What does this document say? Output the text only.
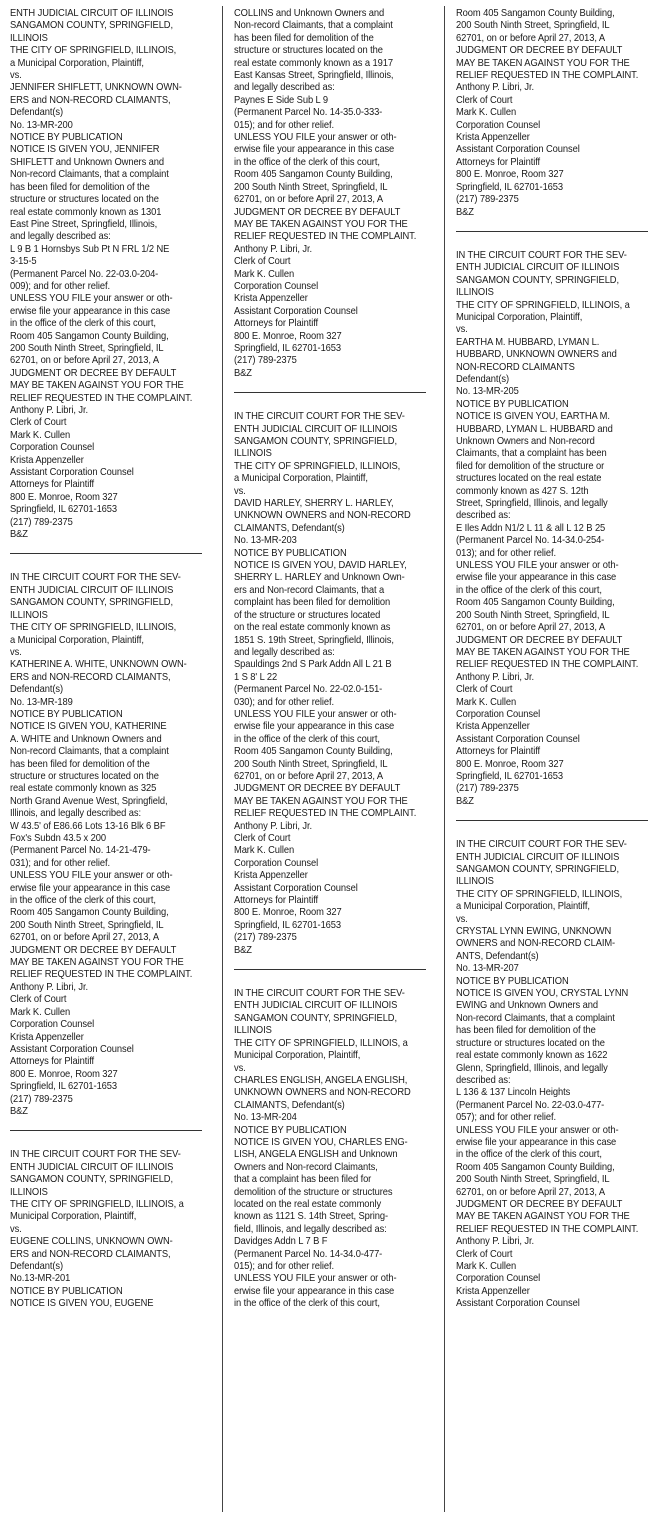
ENTH JUDICIAL CIRCUIT OF ILLINOIS
SANGAMON COUNTY, SPRINGFIELD,
ILLINOIS
THE CITY OF SPRINGFIELD, ILLINOIS,
a Municipal Corporation, Plaintiff,
vs.
JENNIFER SHIFLETT, UNKNOWN OWN-
ERS and NON-RECORD CLAIMANTS,
Defendant(s)
No. 13-MR-200
NOTICE BY PUBLICATION
NOTICE IS GIVEN YOU, JENNIFER
SHIFLETT and Unknown Owners and
Non-record Claimants, that a complaint
has been filed for demolition of the
structure or structures located on the
real estate commonly known as 1301
East Pine Street, Springfield, Illinois,
and legally described as:
L 9 B 1 Hornsbys Sub Pt N FRL 1/2 NE
3-15-5
(Permanent Parcel No. 22-03.0-204-
009); and for other relief.
UNLESS YOU FILE your answer or oth-
erwise file your appearance in this case
in the office of the clerk of this court,
Room 405 Sangamon County Building,
200 South Ninth Street, Springfield, IL
62701, on or before April 27, 2013, A
JUDGMENT OR DECREE BY DEFAULT
MAY BE TAKEN AGAINST YOU FOR THE
RELIEF REQUESTED IN THE COMPLAINT.
Anthony P. Libri, Jr.
Clerk of Court
Mark K. Cullen
Corporation Counsel
Krista Appenzeller
Assistant Corporation Counsel
Attorneys for Plaintiff
800 E. Monroe, Room 327
Springfield, IL 62701-1653
(217) 789-2375
B&Z
IN THE CIRCUIT COURT FOR THE SEV-
ENTH JUDICIAL CIRCUIT OF ILLINOIS
SANGAMON COUNTY, SPRINGFIELD,
ILLINOIS
THE CITY OF SPRINGFIELD, ILLINOIS,
a Municipal Corporation, Plaintiff,
vs.
KATHERINE A. WHITE, UNKNOWN OWN-
ERS and NON-RECORD CLAIMANTS,
Defendant(s)
No. 13-MR-189
NOTICE BY PUBLICATION
NOTICE IS GIVEN YOU, KATHERINE
A. WHITE and Unknown Owners and
Non-record Claimants, that a complaint
has been filed for demolition of the
structure or structures located on the
real estate commonly known as 325
North Grand Avenue West, Springfield,
Illinois, and legally described as:
W 43.5' of E86.66 Lots 13-16 Blk 6 BF
Fox's Subdn 43.5 x 200
(Permanent Parcel No. 14-21-479-
031); and for other relief.
UNLESS YOU FILE your answer or oth-
erwise file your appearance in this case
in the office of the clerk of this court,
Room 405 Sangamon County Building,
200 South Ninth Street, Springfield, IL
62701, on or before April 27, 2013, A
JUDGMENT OR DECREE BY DEFAULT
MAY BE TAKEN AGAINST YOU FOR THE
RELIEF REQUESTED IN THE COMPLAINT.
Anthony P. Libri, Jr.
Clerk of Court
Mark K. Cullen
Corporation Counsel
Krista Appenzeller
Assistant Corporation Counsel
Attorneys for Plaintiff
800 E. Monroe, Room 327
Springfield, IL 62701-1653
(217) 789-2375
B&Z
IN THE CIRCUIT COURT FOR THE SEV-
ENTH JUDICIAL CIRCUIT OF ILLINOIS
SANGAMON COUNTY, SPRINGFIELD,
ILLINOIS
THE CITY OF SPRINGFIELD, ILLINOIS, a
Municipal Corporation, Plaintiff,
vs.
EUGENE COLLINS, UNKNOWN OWN-
ERS and NON-RECORD CLAIMANTS,
Defendant(s)
No.13-MR-201
NOTICE BY PUBLICATION
NOTICE IS GIVEN YOU, EUGENE
COLLINS and Unknown Owners and
Non-record Claimants, that a complaint
has been filed for demolition of the
structure or structures located on the
real estate commonly known as a 1917
East Kansas Street, Springfield, Illinois,
and legally described as:
Paynes E Side Sub L 9
(Permanent Parcel No. 14-35.0-333-
015); and for other relief.
UNLESS YOU FILE your answer or oth-
erwise file your appearance in this case
in the office of the clerk of this court,
Room 405 Sangamon County Building,
200 South Ninth Street, Springfield, IL
62701, on or before April 27, 2013, A
JUDGMENT OR DECREE BY DEFAULT
MAY BE TAKEN AGAINST YOU FOR THE
RELIEF REQUESTED IN THE COMPLAINT.
Anthony P. Libri, Jr.
Clerk of Court
Mark K. Cullen
Corporation Counsel
Krista Appenzeller
Assistant Corporation Counsel
Attorneys for Plaintiff
800 E. Monroe, Room 327
Springfield, IL 62701-1653
(217) 789-2375
B&Z
IN THE CIRCUIT COURT FOR THE SEV-
ENTH JUDICIAL CIRCUIT OF ILLINOIS
SANGAMON COUNTY, SPRINGFIELD,
ILLINOIS
THE CITY OF SPRINGFIELD, ILLINOIS,
a Municipal Corporation, Plaintiff,
vs.
DAVID HARLEY, SHERRY L. HARLEY,
UNKNOWN OWNERS and NON-RECORD
CLAIMANTS, Defendant(s)
No. 13-MR-203
NOTICE BY PUBLICATION
NOTICE IS GIVEN YOU, DAVID HARLEY,
SHERRY L. HARLEY and Unknown Own-
ers and Non-record Claimants, that a
complaint has been filed for demolition
of the structure or structures located
on the real estate commonly known as
1851 S. 19th Street, Springfield, Illinois,
and legally described as:
Spauldings 2nd S Park Addn All L 21 B
1 S 8' L 22
(Permanent Parcel No. 22-02.0-151-
030); and for other relief.
UNLESS YOU FILE your answer or oth-
erwise file your appearance in this case
in the office of the clerk of this court,
Room 405 Sangamon County Building,
200 South Ninth Street, Springfield, IL
62701, on or before April 27, 2013, A
JUDGMENT OR DECREE BY DEFAULT
MAY BE TAKEN AGAINST YOU FOR THE
RELIEF REQUESTED IN THE COMPLAINT.
Anthony P. Libri, Jr.
Clerk of Court
Mark K. Cullen
Corporation Counsel
Krista Appenzeller
Assistant Corporation Counsel
Attorneys for Plaintiff
800 E. Monroe, Room 327
Springfield, IL 62701-1653
(217) 789-2375
B&Z
IN THE CIRCUIT COURT FOR THE SEV-
ENTH JUDICIAL CIRCUIT OF ILLINOIS
SANGAMON COUNTY, SPRINGFIELD,
ILLINOIS
THE CITY OF SPRINGFIELD, ILLINOIS, a
Municipal Corporation, Plaintiff,
vs.
CHARLES ENGLISH, ANGELA ENGLISH,
UNKNOWN OWNERS and NON-RECORD
CLAIMANTS, Defendant(s)
No. 13-MR-204
NOTICE BY PUBLICATION
NOTICE IS GIVEN YOU, CHARLES ENG-
LISH, ANGELA ENGLISH and Unknown
Owners and Non-record Claimants,
that a complaint has been filed for
demolition of the structure or structures
located on the real estate commonly
known as 1121 S. 14th Street, Spring-
field, Illinois, and legally described as:
Davidges Addn L 7 B F
(Permanent Parcel No. 14-34.0-477-
015); and for other relief.
UNLESS YOU FILE your answer or oth-
erwise file your appearance in this case
in the office of the clerk of this court,
Room 405 Sangamon County Building,
200 South Ninth Street, Springfield, IL
62701, on or before April 27, 2013, A
JUDGMENT OR DECREE BY DEFAULT
MAY BE TAKEN AGAINST YOU FOR THE
RELIEF REQUESTED IN THE COMPLAINT.
Anthony P. Libri, Jr.
Clerk of Court
Mark K. Cullen
Corporation Counsel
Krista Appenzeller
Assistant Corporation Counsel
Attorneys for Plaintiff
800 E. Monroe, Room 327
Springfield, IL 62701-1653
(217) 789-2375
B&Z
IN THE CIRCUIT COURT FOR THE SEV-
ENTH JUDICIAL CIRCUIT OF ILLINOIS
SANGAMON COUNTY, SPRINGFIELD,
ILLINOIS
THE CITY OF SPRINGFIELD, ILLINOIS, a
Municipal Corporation, Plaintiff,
vs.
EARTHA M. HUBBARD, LYMAN L.
HUBBARD, UNKNOWN OWNERS and
NON-RECORD CLAIMANTS
Defendant(s)
No. 13-MR-205
NOTICE BY PUBLICATION
NOTICE IS GIVEN YOU, EARTHA M.
HUBBARD, LYMAN L. HUBBARD and
Unknown Owners and Non-record
Claimants, that a complaint has been
filed for demolition of the structure or
structures located on the real estate
commonly known as 427 S. 12th
Street, Springfield, Illinois, and legally
described as:
E Iles Addn N1/2 L 11 & all L 12 B 25
(Permanent Parcel No. 14-34.0-254-
013); and for other relief.
UNLESS YOU FILE your answer or oth-
erwise file your appearance in this case
in the office of the clerk of this court,
Room 405 Sangamon County Building,
200 South Ninth Street, Springfield, IL
62701, on or before April 27, 2013, A
JUDGMENT OR DECREE BY DEFAULT
MAY BE TAKEN AGAINST YOU FOR THE
RELIEF REQUESTED IN THE COMPLAINT.
Anthony P. Libri, Jr.
Clerk of Court
Mark K. Cullen
Corporation Counsel
Krista Appenzeller
Assistant Corporation Counsel
Attorneys for Plaintiff
800 E. Monroe, Room 327
Springfield, IL 62701-1653
(217) 789-2375
B&Z
IN THE CIRCUIT COURT FOR THE SEV-
ENTH JUDICIAL CIRCUIT OF ILLINOIS
SANGAMON COUNTY, SPRINGFIELD,
ILLINOIS
THE CITY OF SPRINGFIELD, ILLINOIS,
a Municipal Corporation, Plaintiff,
vs.
CRYSTAL LYNN EWING, UNKNOWN
OWNERS and NON-RECORD CLAIM-
ANTS, Defendant(s)
No. 13-MR-207
NOTICE BY PUBLICATION
NOTICE IS GIVEN YOU, CRYSTAL LYNN
EWING and Unknown Owners and
Non-record Claimants, that a complaint
has been filed for demolition of the
structure or structures located on the
real estate commonly known as 1622
Glenn, Springfield, Illinois, and legally
described as:
L 136 & 137 Lincoln Heights
(Permanent Parcel No. 22-03.0-477-
057); and for other relief.
UNLESS YOU FILE your answer or oth-
erwise file your appearance in this case
in the office of the clerk of this court,
Room 405 Sangamon County Building,
200 South Ninth Street, Springfield, IL
62701, on or before April 27, 2013, A
JUDGMENT OR DECREE BY DEFAULT
MAY BE TAKEN AGAINST YOU FOR THE
RELIEF REQUESTED IN THE COMPLAINT.
Anthony P. Libri, Jr.
Clerk of Court
Mark K. Cullen
Corporation Counsel
Krista Appenzeller
Assistant Corporation Counsel
